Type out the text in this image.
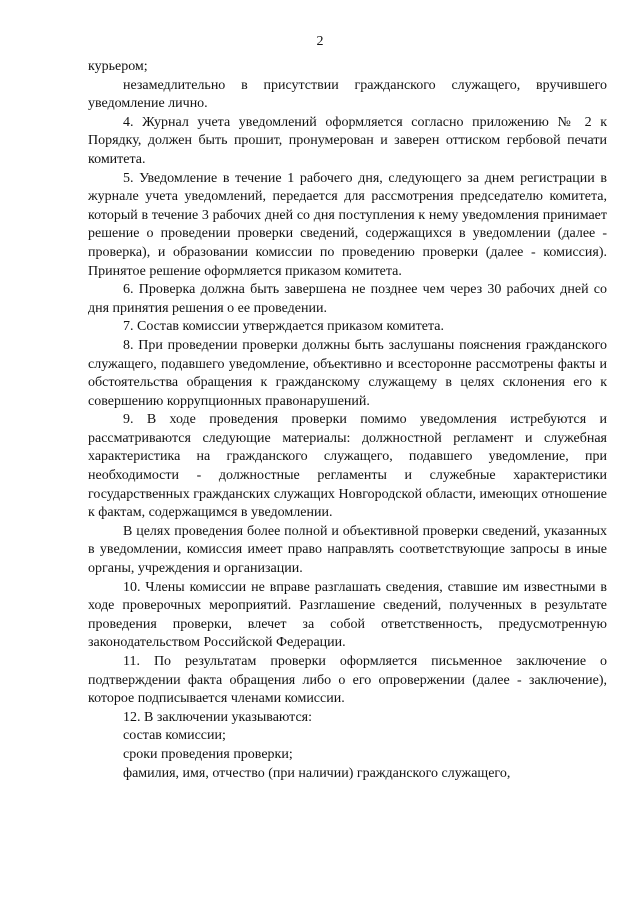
2

курьером;

незамедлительно в присутствии гражданского служащего, вручившего уведомление лично.

4. Журнал учета уведомлений оформляется согласно приложению № 2 к Порядку, должен быть прошит, пронумерован и заверен оттиском гербовой печати комитета.

5. Уведомление в течение 1 рабочего дня, следующего за днем регистрации в журнале учета уведомлений, передается для рассмотрения председателю комитета, который в течение 3 рабочих дней со дня поступления к нему уведомления принимает решение о проведении проверки сведений, содержащихся в уведомлении (далее - проверка), и образовании комиссии по проведению проверки (далее - комиссия). Принятое решение оформляется приказом комитета.

6. Проверка должна быть завершена не позднее чем через 30 рабочих дней со дня принятия решения о ее проведении.

7. Состав комиссии утверждается приказом комитета.

8. При проведении проверки должны быть заслушаны пояснения гражданского служащего, подавшего уведомление, объективно и всесторонне рассмотрены факты и обстоятельства обращения к гражданскому служащему в целях склонения его к совершению коррупционных правонарушений.

9. В ходе проведения проверки помимо уведомления истребуются и рассматриваются следующие материалы: должностной регламент и служебная характеристика на гражданского служащего, подавшего уведомление, при необходимости - должностные регламенты и служебные характеристики государственных гражданских служащих Новгородской области, имеющих отношение к фактам, содержащимся в уведомлении.

В целях проведения более полной и объективной проверки сведений, указанных в уведомлении, комиссия имеет право направлять соответствующие запросы в иные органы, учреждения и организации.

10. Члены комиссии не вправе разглашать сведения, ставшие им известными в ходе проверочных мероприятий. Разглашение сведений, полученных в результате проведения проверки, влечет за собой ответственность, предусмотренную законодательством Российской Федерации.

11. По результатам проверки оформляется письменное заключение о подтверждении факта обращения либо о его опровержении (далее - заключение), которое подписывается членами комиссии.

12. В заключении указываются:

состав комиссии;

сроки проведения проверки;

фамилия, имя, отчество (при наличии) гражданского служащего,
